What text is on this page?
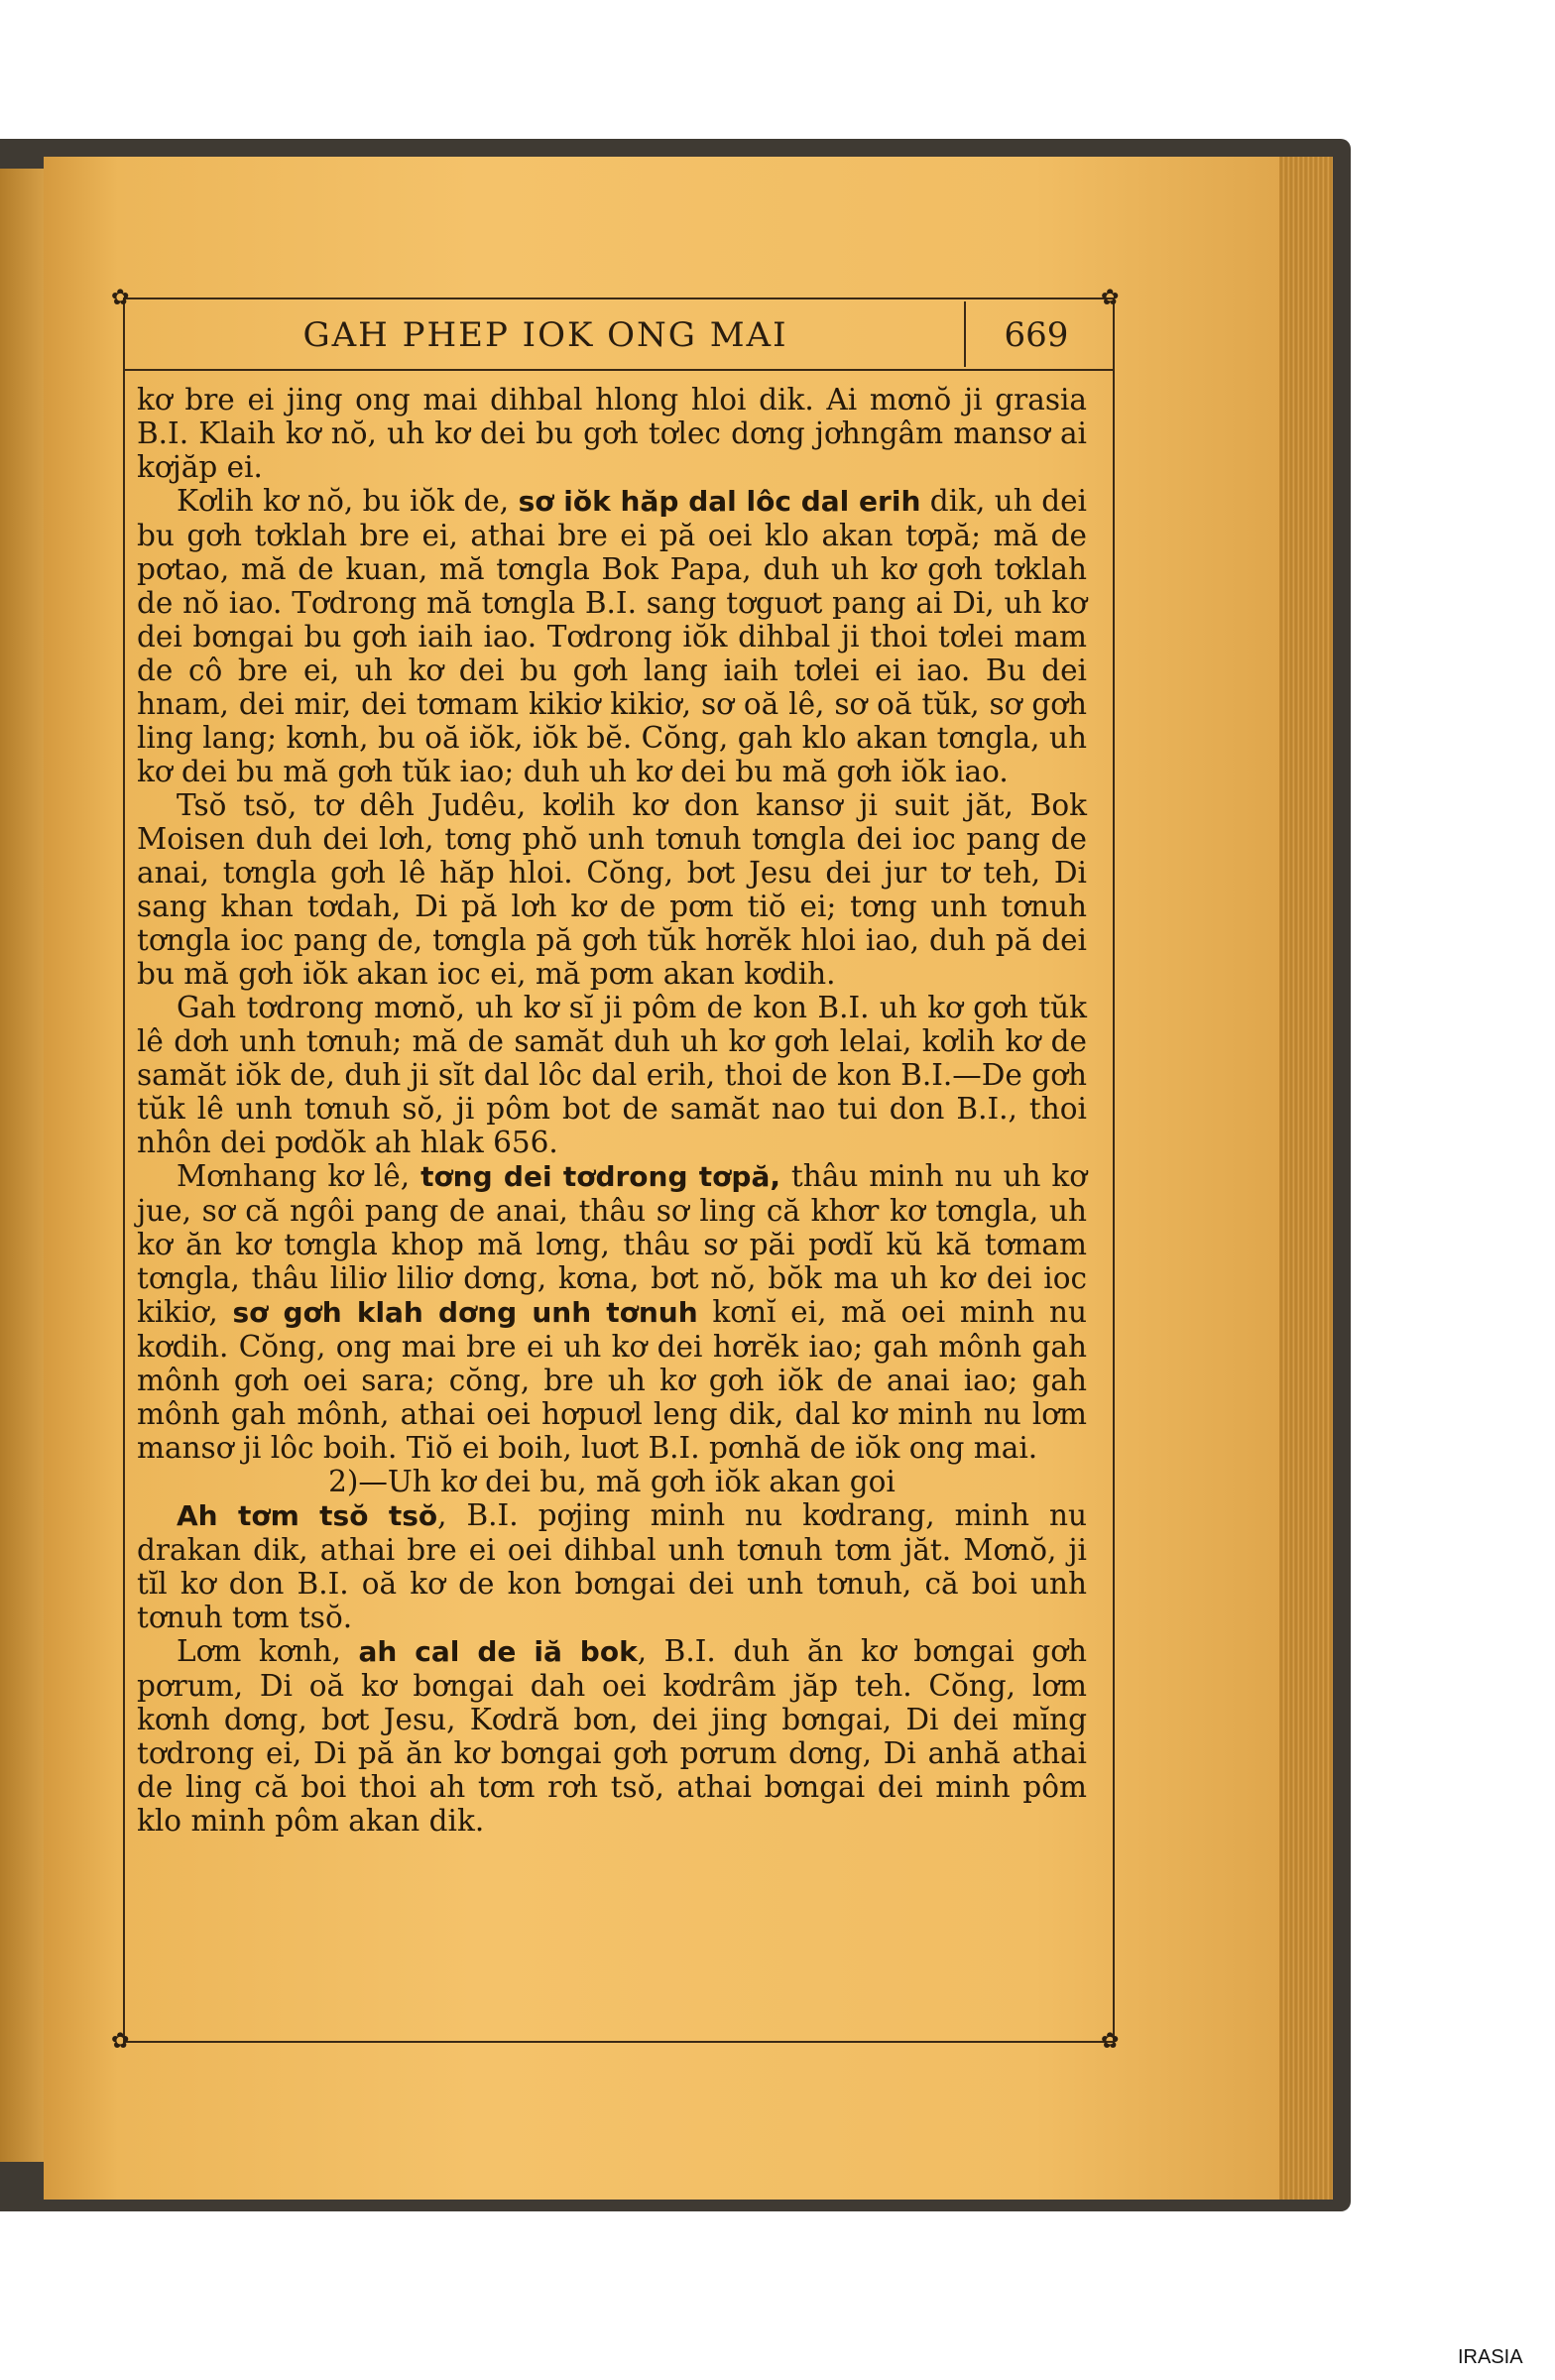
✿	✿
✿	✿
GAH PHEP IOK ONG MAI	669

kơ bre ei jing ong mai dihbal hlong hloi dik. Ai mơnŏ ji grasia B.I. Klaih kơ nŏ, uh kơ dei bu gơh tơlec dơng jơhngâm mansơ ai kơjăp ei.

Kơlih kơ nŏ, bu iŏk de, sơ iŏk hăp dal lôc dal erih dik, uh dei bu gơh tơklah bre ei, athai bre ei pă oei klo akan tơpă; mă de pơtao, mă de kuan, mă tơngla Bok Papa, duh uh kơ gơh tơklah de nŏ iao. Tơdrong mă tơngla B.I. sang tơguơt pang ai Di, uh kơ dei bơngai bu gơh iaih iao. Tơdrong iŏk dihbal ji thoi tơlei mam de cô bre ei, uh kơ dei bu gơh lang iaih tơlei ei iao. Bu dei hnam, dei mir, dei tơmam kikiơ kikiơ, sơ oă lê, sơ oă tŭk, sơ gơh ling lang; kơnh, bu oă iŏk, iŏk bĕ. Cŏng, gah klo akan tơngla, uh kơ dei bu mă gơh tŭk iao; duh uh kơ dei bu mă gơh iŏk iao.

Tsŏ tsŏ, tơ dêh Judêu, kơlih kơ don kansơ ji suit jăt, Bok Moisen duh dei lơh, tơng phŏ unh tơnuh tơngla dei ioc pang de anai, tơngla gơh lê hăp hloi. Cŏng, bơt Jesu dei jur tơ teh, Di sang khan tơdah, Di pă lơh kơ de pơm tiŏ ei; tơng unh tơnuh tơngla ioc pang de, tơngla pă gơh tŭk hơrĕk hloi iao, duh pă dei bu mă gơh iŏk akan ioc ei, mă pơm akan kơdih.

Gah tơdrong mơnŏ, uh kơ sĭ ji pôm de kon B.I. uh kơ gơh tŭk lê dơh unh tơnuh; mă de samăt duh uh kơ gơh lelai, kơlih kơ de samăt iŏk de, duh ji sĭt dal lôc dal erih, thoi de kon B.I.—De gơh tŭk lê unh tơnuh sŏ, ji pôm bot de samăt nao tui don B.I., thoi nhôn dei pơdŏk ah hlak 656.

Mơnhang kơ lê, tơng dei tơdrong tơpă, thâu minh nu uh kơ jue, sơ că ngôi pang de anai, thâu sơ ling că khơr kơ tơngla, uh kơ ăn kơ tơngla khop mă lơng, thâu sơ păi pơdĭ kŭ kă tơmam tơngla, thâu liliơ liliơ dơng, kơna, bơt nŏ, bŏk ma uh kơ dei ioc kikiơ, sơ gơh klah dơng unh tơnuh kơnĭ ei, mă oei minh nu kơdih. Cŏng, ong mai bre ei uh kơ dei hơrĕk iao; gah mônh gah mônh gơh oei sara; cŏng, bre uh kơ gơh iŏk de anai iao; gah mônh gah mônh, athai oei hơpuơl leng dik, dal kơ minh nu lơm mansơ ji lôc boih. Tiŏ ei boih, luơt B.I. pơnhă de iŏk ong mai.

2)—Uh kơ dei bu, mă gơh iŏk akan goi

Ah tơm tsŏ tsŏ, B.I. pơjing minh nu kơdrang, minh nu drakan dik, athai bre ei oei dihbal unh tơnuh tơm jăt. Mơnŏ, ji tĭl kơ don B.I. oă kơ de kon bơngai dei unh tơnuh, că boi unh tơnuh tơm tsŏ.

Lơm kơnh, ah cal de iă bok, B.I. duh ăn kơ bơngai gơh pơrum, Di oă kơ bơngai dah oei kơdrâm jăp teh. Cŏng, lơm kơnh dơng, bơt Jesu, Kơdră bơn, dei jing bơngai, Di dei mĭng tơdrong ei, Di pă ăn kơ bơngai gơh pơrum dơng, Di anhă athai de ling că boi thoi ah tơm rơh tsŏ, athai bơngai dei minh pôm klo minh pôm akan dik.

IRASIA
